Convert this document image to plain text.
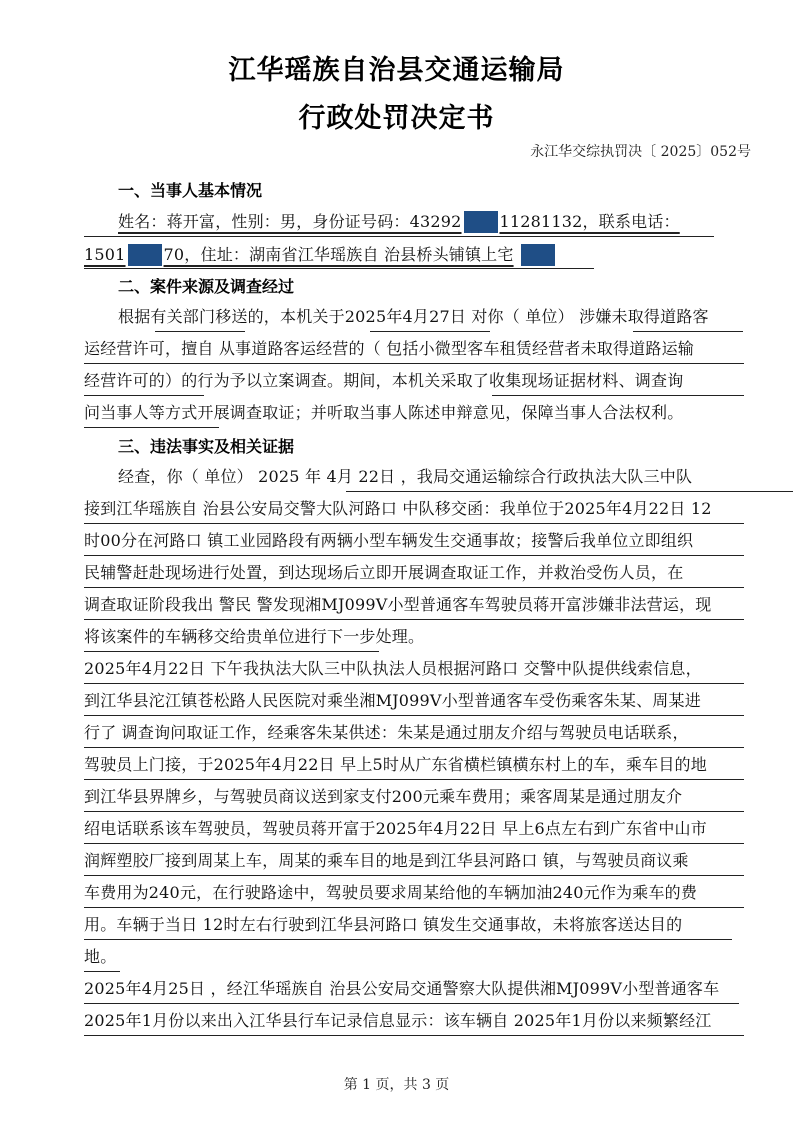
江华瑶族自治县交通运输局
行政处罚决定书
永江华交综执罚决〔 2025〕052号
一、当事人基本情况
姓名：蒋开富，性别：男，身份证号码：43292 11281132，联系电话：
1501 70，住址：湖南省江华瑶族自 治县桥头铺镇上宅
二、案件来源及调查经过
根据有关部门移送的，本机关于2025年4月27日 对你（ 单位） 涉嫌未取得道路客
运经营许可，擅自 从事道路客运经营的（ 包括小微型客车租赁经营者未取得道路运输
经营许可的）的行为予以立案调查。期间，本机关采取了收集现场证据材料、调查询
问当事人等方式开展调查取证；并听取当事人陈述申辩意见，保障当事人合法权利。
三、违法事实及相关证据
经查，你（ 单位） 2025 年 4月 22日 ，我局交通运输综合行政执法大队三中队
接到江华瑶族自 治县公安局交警大队河路口 中队移交函：我单位于2025年4月22日 12
时00分在河路口 镇工业园路段有两辆小型车辆发生交通事故；接警后我单位立即组织
民辅警赶赴现场进行处置，到达现场后立即开展调查取证工作，并救治受伤人员，在
调查取证阶段我出 警民 警发现湘MJ099V小型普通客车驾驶员蒋开富涉嫌非法营运，现
将该案件的车辆移交给贵单位进行下一步处理。
2025年4月22日 下午我执法大队三中队执法人员根据河路口 交警中队提供线索信息，
到江华县沱江镇苍松路人民医院对乘坐湘MJ099V小型普通客车受伤乘客朱某、周某进
行了 调查询问取证工作，经乘客朱某供述：朱某是通过朋友介绍与驾驶员电话联系，
驾驶员上门接，于2025年4月22日 早上5时从广东省横栏镇横东村上的车，乘车目的地
到江华县界牌乡，与驾驶员商议送到家支付200元乘车费用；乘客周某是通过朋友介
绍电话联系该车驾驶员，驾驶员蒋开富于2025年4月22日 早上6点左右到广东省中山市
润辉塑胶厂接到周某上车，周某的乘车目的地是到江华县河路口 镇，与驾驶员商议乘
车费用为240元，在行驶路途中，驾驶员要求周某给他的车辆加油240元作为乘车的费
用。车辆于当日 12时左右行驶到江华县河路口 镇发生交通事故，未将旅客送达目的
地。
2025年4月25日 ，经江华瑶族自 治县公安局交通警察大队提供湘MJ099V小型普通客车
2025年1月份以来出入江华县行车记录信息显示：该车辆自 2025年1月份以来频繁经江
第 1 页，共 3 页
